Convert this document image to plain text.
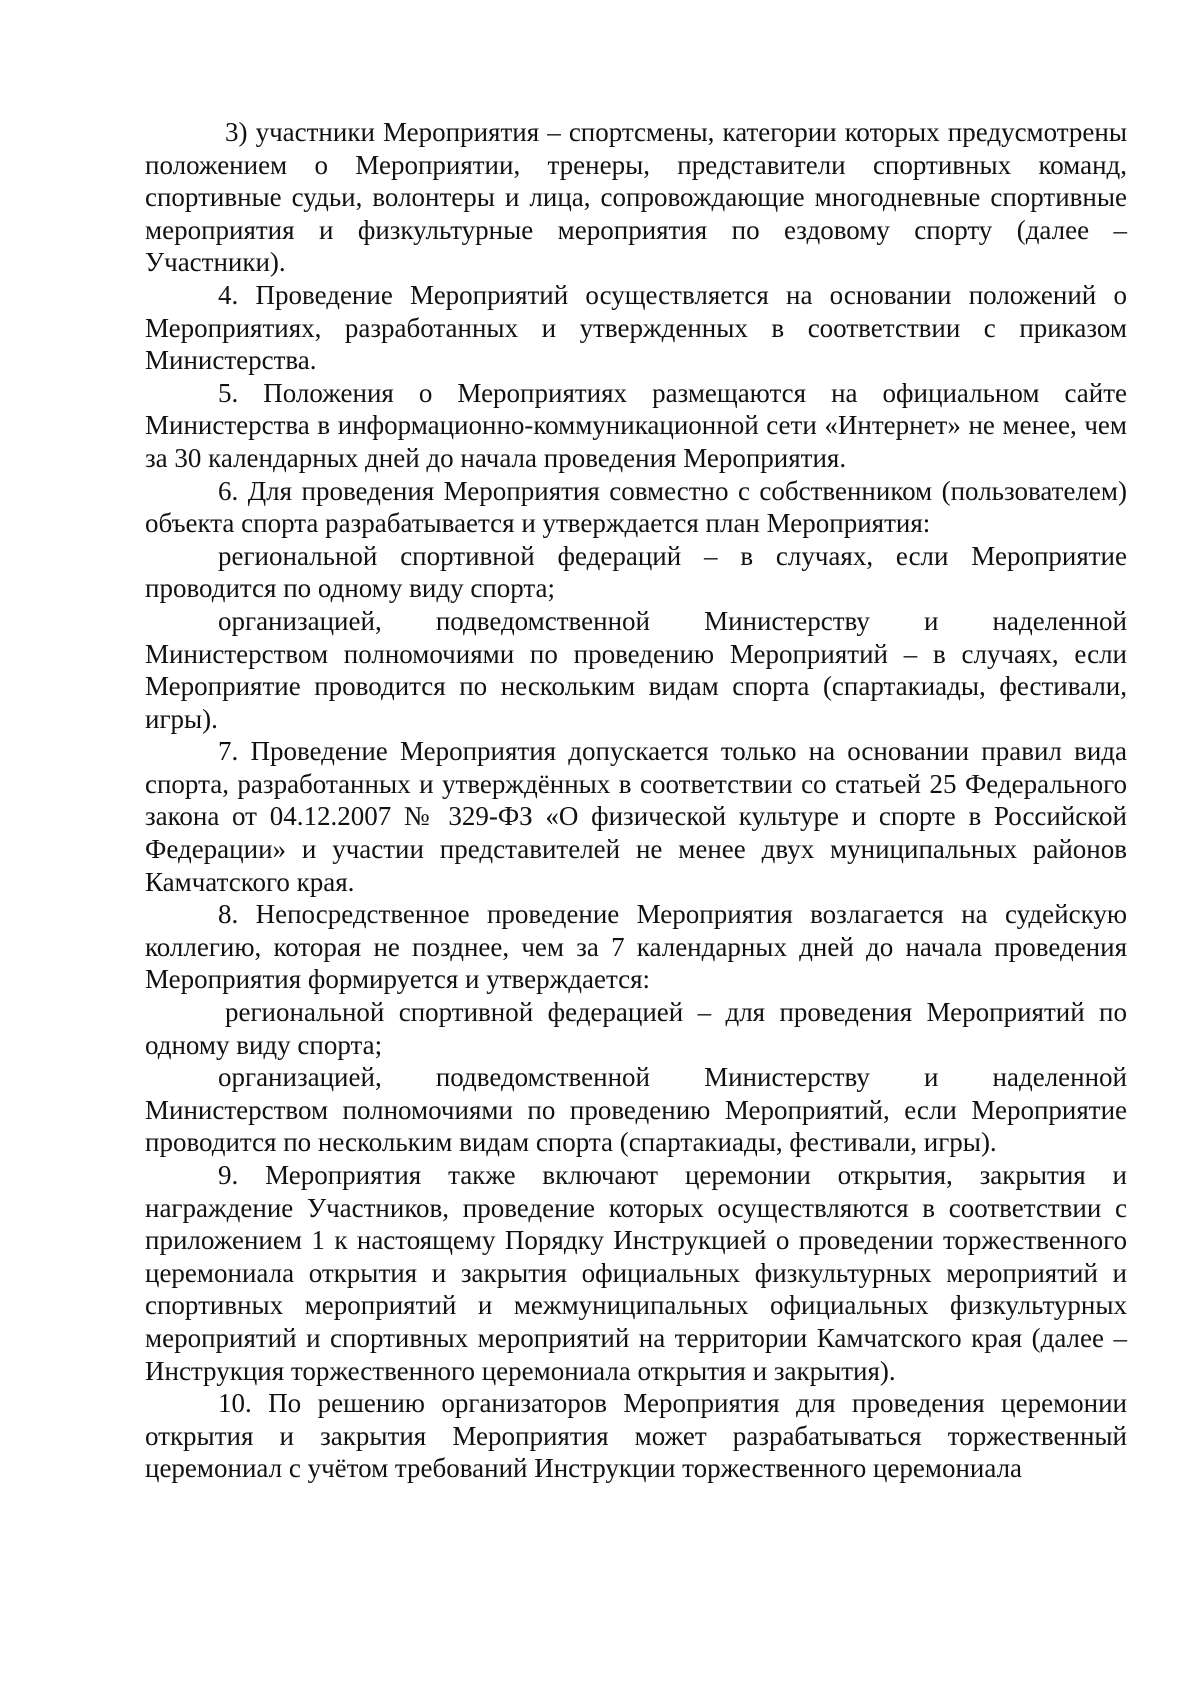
3) участники Мероприятия – спортсмены, категории которых предусмотрены положением о Мероприятии, тренеры, представители спортивных команд, спортивные судьи, волонтеры и лица, сопровождающие многодневные спортивные мероприятия и физкультурные мероприятия по ездовому спорту (далее – Участники).

4. Проведение Мероприятий осуществляется на основании положений о Мероприятиях, разработанных и утвержденных в соответствии с приказом Министерства.

5. Положения о Мероприятиях размещаются на официальном сайте Министерства в информационно-коммуникационной сети «Интернет» не менее, чем за 30 календарных дней до начала проведения Мероприятия.

6. Для проведения Мероприятия совместно с собственником (пользователем) объекта спорта разрабатывается и утверждается план Мероприятия:

региональной спортивной федераций – в случаях, если Мероприятие проводится по одному виду спорта;

организацией, подведомственной Министерству и наделенной Министерством полномочиями по проведению Мероприятий – в случаях, если Мероприятие проводится по нескольким видам спорта (спартакиады, фестивали, игры).

7. Проведение Мероприятия допускается только на основании правил вида спорта, разработанных и утверждённых в соответствии со статьей 25 Федерального закона от 04.12.2007 № 329-ФЗ «О физической культуре и спорте в Российской Федерации» и участии представителей не менее двух муниципальных районов Камчатского края.

8. Непосредственное проведение Мероприятия возлагается на судейскую коллегию, которая не позднее, чем за 7 календарных дней до начала проведения Мероприятия формируется и утверждается:

региональной спортивной федерацией – для проведения Мероприятий по одному виду спорта;

организацией, подведомственной Министерству и наделенной Министерством полномочиями по проведению Мероприятий, если Мероприятие проводится по нескольким видам спорта (спартакиады, фестивали, игры).

9. Мероприятия также включают церемонии открытия, закрытия и награждение Участников, проведение которых осуществляются в соответствии с приложением 1 к настоящему Порядку Инструкцией о проведении торжественного церемониала открытия и закрытия официальных физкультурных мероприятий и спортивных мероприятий и межмуниципальных официальных физкультурных мероприятий и спортивных мероприятий на территории Камчатского края (далее – Инструкция торжественного церемониала открытия и закрытия).

10. По решению организаторов Мероприятия для проведения церемонии открытия и закрытия Мероприятия может разрабатываться торжественный церемониал с учётом требований Инструкции торжественного церемониала
